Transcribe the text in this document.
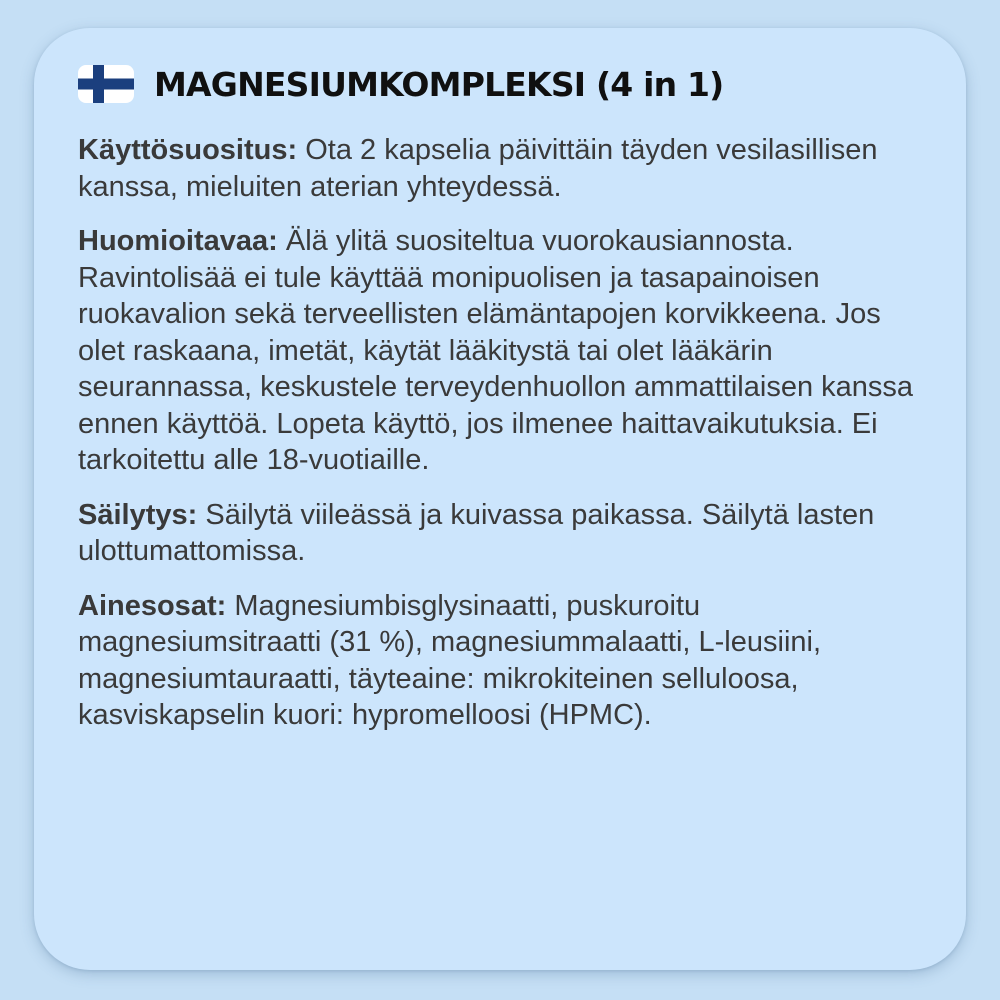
MAGNESIUMKOMPLEKSI (4 in 1)

Käyttösuositus: Ota 2 kapselia päivittäin täyden vesilasillisen kanssa, mieluiten aterian yhteydessä.

Huomioitavaa: Älä ylitä suositeltua vuorokausiannosta. Ravintolisää ei tule käyttää monipuolisen ja tasapainoisen ruokavalion sekä terveellisten elämäntapojen korvikkeena. Jos olet raskaana, imetät, käytät lääkitystä tai olet lääkärin seurannassa, keskustele terveydenhuollon ammattilaisen kanssa ennen käyttöä. Lopeta käyttö, jos ilmenee haittavaikutuksia. Ei tarkoitettu alle 18-vuotiaille.

Säilytys: Säilytä viileässä ja kuivassa paikassa. Säilytä lasten ulottumattomissa.

Ainesosat: Magnesiumbisglysinaatti, puskuroitu magnesiumsitraatti (31 %), magnesiummalaatti, L-leusiini, magnesiumtauraatti, täyteaine: mikrokiteinen selluloosa, kasviskapselin kuori: hypromelloosi (HPMC).
